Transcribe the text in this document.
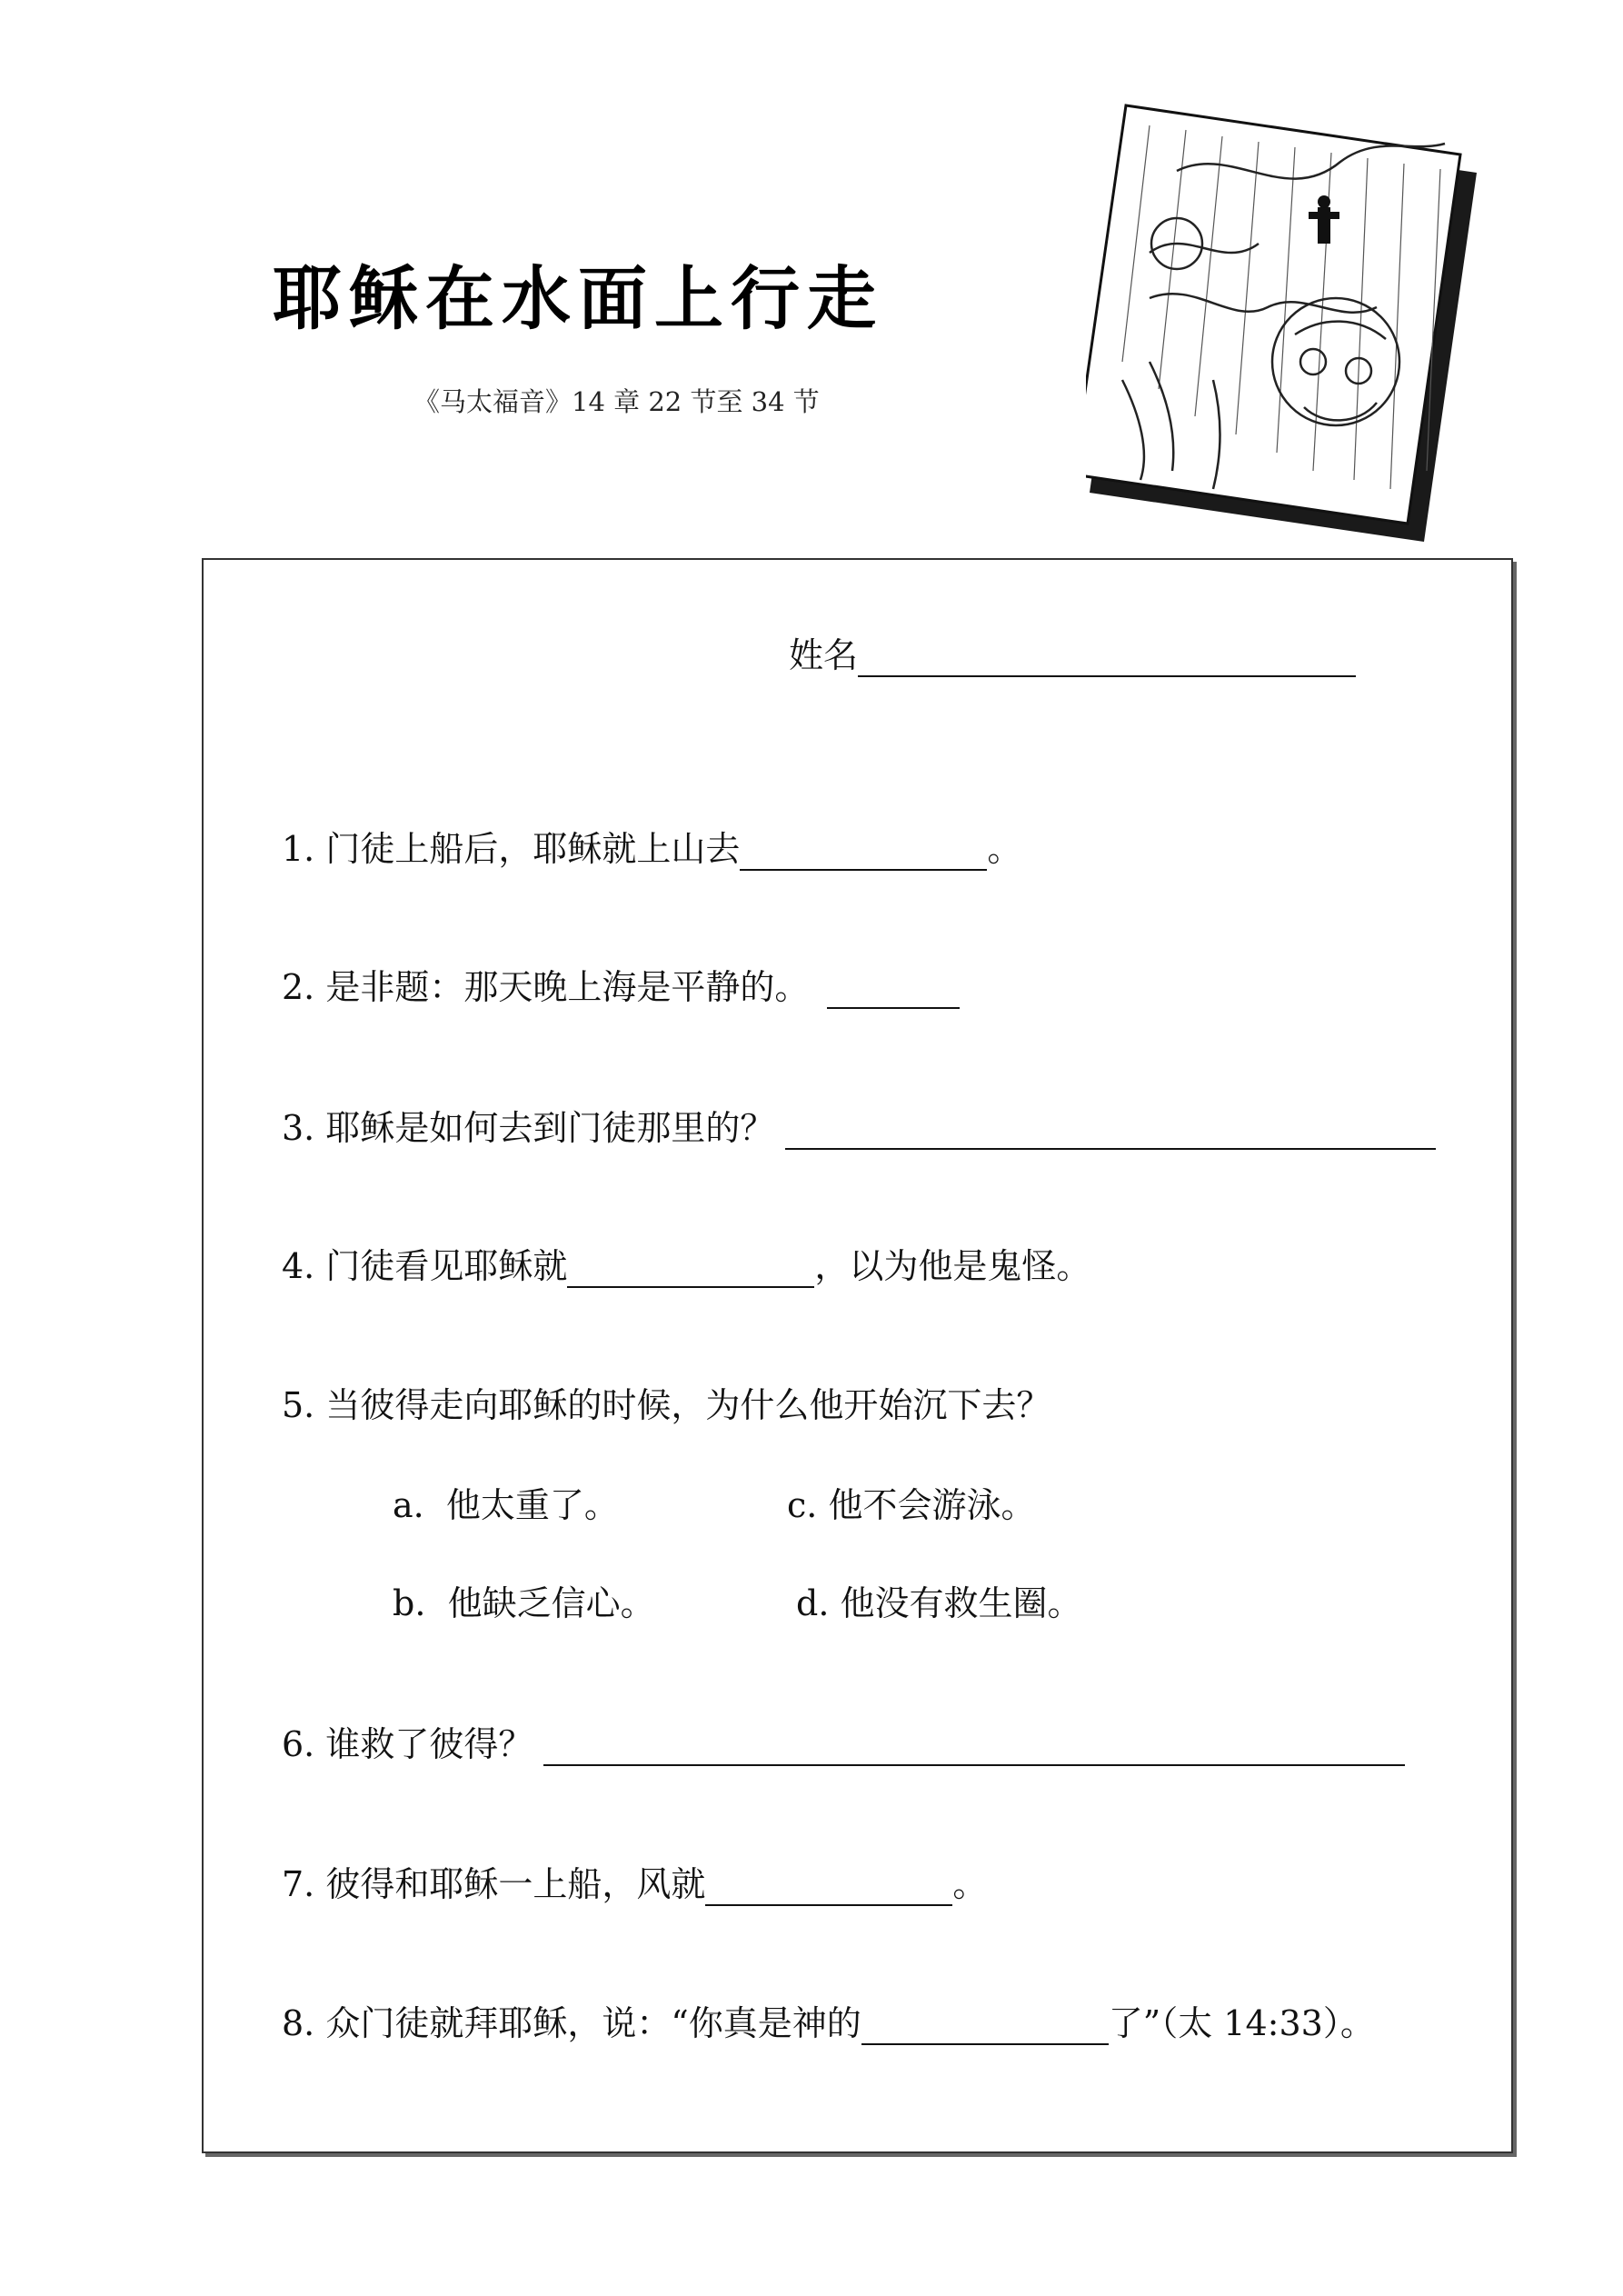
耶稣在水面上行走
《马太福音》14 章 22 节至 34 节
姓名
1. 门徒上船后，耶稣就上山去	。
2. 是非题：那天晚上海是平静的。
3. 耶稣是如何去到门徒那里的？
4. 门徒看见耶稣就	，以为他是鬼怪。
5. 当彼得走向耶稣的时候，为什么他开始沉下去？
a. 他太重了。	c. 他不会游泳。
b. 他缺乏信心。	d. 他没有救生圈。
6. 谁救了彼得？
7. 彼得和耶稣一上船，风就	。
8. 众门徒就拜耶稣，说：“你真是神的	了”（太 14:33）。
